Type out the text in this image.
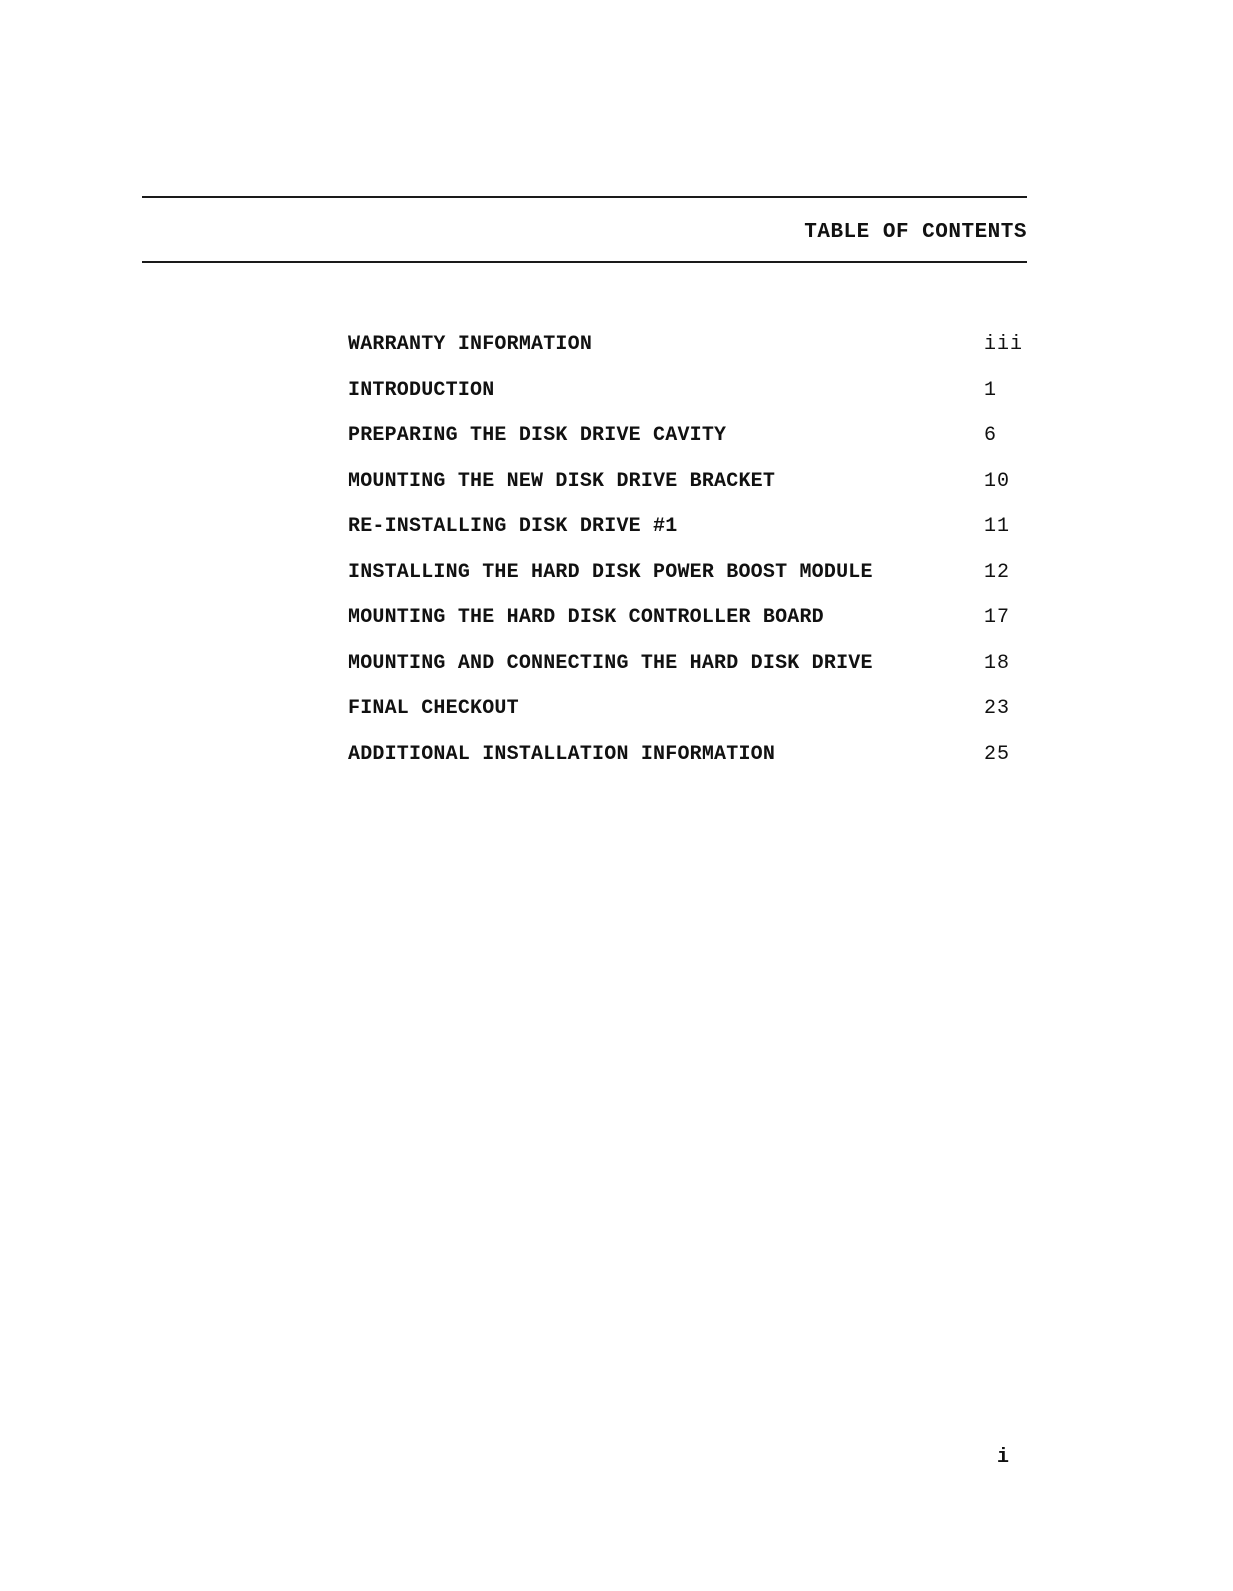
TABLE OF CONTENTS
WARRANTY INFORMATION	iii
INTRODUCTION	1
PREPARING THE DISK DRIVE CAVITY	6
MOUNTING THE NEW DISK DRIVE BRACKET	10
RE-INSTALLING DISK DRIVE #1	11
INSTALLING THE HARD DISK POWER BOOST MODULE	12
MOUNTING THE HARD DISK CONTROLLER BOARD	17
MOUNTING AND CONNECTING THE HARD DISK DRIVE	18
FINAL CHECKOUT	23
ADDITIONAL INSTALLATION INFORMATION	25
i
